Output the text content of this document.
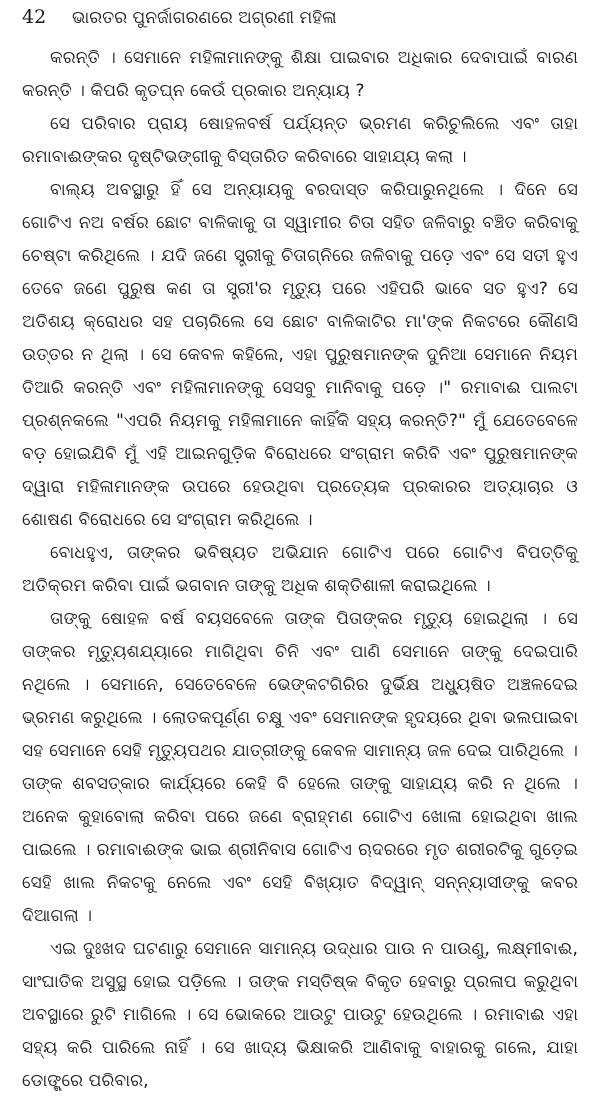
42	ଭାରତର ପୁନର୍ଜାଗରଣରେ ଅଗ୍ରଣୀ ମହିଳା

କରନ୍ତି । ସେମାନେ ମହିଳାମାନଙ୍କୁ ଶିକ୍ଷା ପାଇବାର ଅଧିକାର ଦେବାପାଇଁ ବାରଣ କରନ୍ତି । କିପରି କୃତଘ୍ନ କେଉଁ ପ୍ରକାର ଅନ୍ୟାୟ ?

ସେ ପରିବାର ପ୍ରାୟ ଷୋହଳବର୍ଷ ପର୍ଯ୍ୟନ୍ତ ଭ୍ରମଣ କରିଚୁଲିଲେ ଏବଂ ତାହା ରମାବାଈଙ୍କର ଦୃଷ୍ଟିଭଙ୍ଗୀକୁ ବିସ୍ତାରିତ କରିବାରେ ସାହାଯ୍ୟ କଲା ।

ବାଲ୍ୟ ଅବସ୍ଥାରୁ ହିଁ ସେ ଅନ୍ୟାୟକୁ ବରଦାସ୍ତ କରିପାରୁନଥିଲେ । ଦିନେ ସେ ଗୋଟିଏ ନଅ ବର୍ଷର ଛୋଟ ବାଳିକାକୁ ତା ସ୍ୱାମୀର ଚିତା ସହିତ ଜଳିବାରୁ ବଞ୍ଚିତ କରିବାକୁ ଚେଷ୍ଟା କରିଥିଲେ । ଯଦି ଜଣେ ସ୍ତ୍ରୀକୁ ଚିତାଗ୍ନିରେ ଜଳିବାକୁ ପଡ଼େ ଏବଂ ସେ ସତୀ ହୁଏ ତେବେ ଜଣେ ପୁରୁଷ କଣ ତା ସ୍ତ୍ରୀ'ର ମୃତ୍ୟୁ ପରେ ଏହିପରି ଭାବେ ସତ ହୁଏ? ସେ ଅତିଶୟ କ୍ରୋଧର ସହ ପଚାରିଲେ ସେ ଛୋଟ ବାଳିକାଟିର ମା'ଙ୍କ ନିକଟରେ କୌଣସି ଉତ୍ତର ନ ଥିଲା । ସେ କେବଳ କହିଲେ, ଏହା ପୁରୁଷମାନଙ୍କ ଦୁନିଆ ସେମାନେ ନିୟମ ତିଆରି କରନ୍ତି ଏବଂ ମହିଳାମାନଙ୍କୁ ସେସବୁ ମାନିବାକୁ ପଡ଼େ ।" ରମାବାଈ ପାଲଟା ପ୍ରଶ୍ନକଲେ "ଏପରି ନିୟମକୁ ମହିଳାମାନେ କାହିଁକି ସହ୍ୟ କରନ୍ତି?" ମୁଁ ଯେତେବେଳେ ବଡ଼ ହୋଇଯିବି ମୁଁ ଏହି ଆଇନଗୁଡ଼ିକ ବିରୋଧରେ ସଂଗ୍ରାମ କରିବି ଏବଂ ପୁରୁଷମାନଙ୍କ ଦ୍ୱାରା ମହିଳାମାନଙ୍କ ଉପରେ ହେଉଥିବା ପ୍ରତ୍ୟେକ ପ୍ରକାରର ଅତ୍ୟାଚାର ଓ ଶୋଷଣ ବିରୋଧରେ ସେ ସଂଗ୍ରାମ କରିଥିଲେ ।

ବୋଧହୁଏ, ତାଙ୍କର ଭବିଷ୍ୟତ ଅଭିଯାନ ଗୋଟିଏ ପରେ ଗୋଟିଏ ବିପତ୍ତିକୁ ଅତିକ୍ରମ କରିବା ପାଇଁ ଭଗବାନ ତାଙ୍କୁ ଅଧିକ ଶକ୍ତିଶାଳୀ କରାଇଥିଲେ ।

ତାଙ୍କୁ ଷୋହଳ ବର୍ଷ ବୟସବେଳେ ତାଙ୍କ ପିତାଙ୍କର ମୃତ୍ୟୁ ହୋଇଥିଲା । ସେ ତାଙ୍କର ମୃତ୍ୟୁଶଯ୍ୟାରେ ମାଗିଥିବା ଚିନି ଏବଂ ପାଣି ସେମାନେ ତାଙ୍କୁ ଦେଇପାରି ନଥିଲେ । ସେମାନେ, ସେତେବେଳେ ଭେଙ୍କଟଗିରିର ଦୁର୍ଭିକ୍ଷ ଅଧ୍ୟୁଷିତ ଅଞ୍ଚଳଦେଇ ଭ୍ରମଣ କରୁଥିଲେ । ଲୋତକପୂର୍ଣ୍ଣ ଚକ୍ଷୁ ଏବଂ ସେମାନଙ୍କ ହୃଦୟରେ ଥିବା ଭଲପାଇବା ସହ ସେମାନେ ସେହି ମୃତ୍ୟୁପଥର ଯାତ୍ରୀଙ୍କୁ କେବଳ ସାମାନ୍ୟ ଜଳ ଦେଇ ପାରିଥିଲେ । ତାଙ୍କ ଶବସତ୍କାର କାର୍ଯ୍ୟରେ କେହି ବି ହେଲେ ତାଙ୍କୁ ସାହାଯ୍ୟ କରି ନ ଥିଲେ । ଅନେକ କୁହାବୋଲା କରିବା ପରେ ଜଣେ ବ୍ରାହ୍ମଣ ଗୋଟିଏ ଖୋଳା ହୋଇଥିବା ଖାଲ ପାଇଲେ । ରମାବାଈଙ୍କ ଭାଇ ଶ୍ରୀନିବାସ ଗୋଟିଏ ଋଦରରେ ମୃତ ଶରୀରଟିକୁ ଗୁଡ଼େଇ ସେହି ଖାଲ ନିକଟକୁ ନେଲେ ଏବଂ ସେହି ବିଖ୍ୟାତ ବିଦ୍ୱାନ୍ ସନ୍ନ୍ୟାସୀଙ୍କୁ କବର ଦିଆଗଲା ।

ଏଇ ଦୁଃଖଦ ଘଟଣାରୁ ସେମାନେ ସାମାନ୍ୟ ଉଦ୍ଧାର ପାଉ ନ ପାଉଣୁ, ଲକ୍ଷ୍ମୀବାଈ, ସାଂଘାତିକ ଅସୁସ୍ଥ ହୋଇ ପଡ଼ିଲେ । ତାଙ୍କ ମସ୍ତିଷ୍କ ବିକୃତ ହେବାରୁ ପ୍ରଳାପ କରୁଥିବା ଅବସ୍ଥାରେ ରୁଟି ମାଗିଲେ । ସେ ଭୋକରେ ଆଉଟୁ ପାଉଟୁ ହେଉଥିଲେ । ରମାବାଈ ଏହା ସହ୍ୟ କରି ପାରିଲେ ନାହିଁ । ସେ ଖାଦ୍ୟ ଭିକ୍ଷାକରି ଆଣିବାକୁ ବାହାରକୁ ଗଲେ, ଯାହା ଡୋଙ୍ଗ୍ରେ ପରିବାର,
